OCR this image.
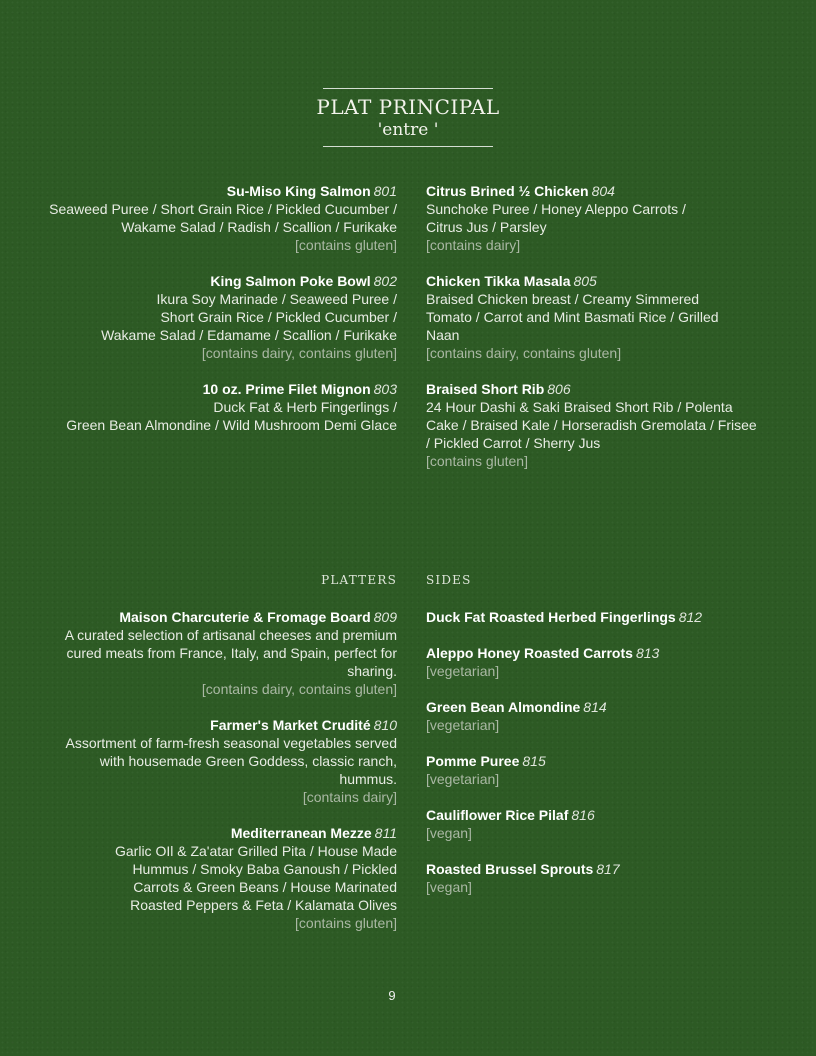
PLAT PRINCIPAL
'entre '
Su-Miso King Salmon 801
Seaweed Puree / Short Grain Rice / Pickled Cucumber /
Wakame Salad / Radish / Scallion / Furikake
[contains gluten]
King Salmon Poke Bowl 802
Ikura Soy Marinade / Seaweed Puree /
Short Grain Rice / Pickled Cucumber /
Wakame Salad / Edamame / Scallion / Furikake
[contains dairy, contains gluten]
10 oz. Prime Filet Mignon 803
Duck Fat & Herb Fingerlings /
Green Bean Almondine / Wild Mushroom Demi Glace
Citrus Brined ½ Chicken 804
Sunchoke Puree / Honey Aleppo Carrots /
Citrus Jus / Parsley
[contains dairy]
Chicken Tikka Masala 805
Braised Chicken breast / Creamy Simmered
Tomato / Carrot and Mint Basmati Rice / Grilled
Naan
[contains dairy, contains gluten]
Braised Short Rib 806
24 Hour Dashi & Saki Braised Short Rib / Polenta
Cake / Braised Kale / Horseradish Gremolata / Frisee
/ Pickled Carrot / Sherry Jus
[contains gluten]
PLATTERS
Maison Charcuterie & Fromage Board 809
A curated selection of artisanal cheeses and premium
cured meats from France, Italy, and Spain, perfect for
sharing.
[contains dairy, contains gluten]
Farmer's Market Crudité 810
Assortment of farm-fresh seasonal vegetables served
with housemade Green Goddess, classic ranch,
hummus.
[contains dairy]
Mediterranean Mezze 811
Garlic OIl & Za'atar Grilled Pita / House Made
Hummus / Smoky Baba Ganoush / Pickled
Carrots & Green Beans / House Marinated
Roasted Peppers & Feta / Kalamata Olives
[contains gluten]
SIDES
Duck Fat Roasted Herbed Fingerlings 812
Aleppo Honey Roasted Carrots 813
[vegetarian]
Green Bean Almondine 814
[vegetarian]
Pomme Puree 815
[vegetarian]
Cauliflower Rice Pilaf 816
[vegan]
Roasted Brussel Sprouts 817
[vegan]
9
